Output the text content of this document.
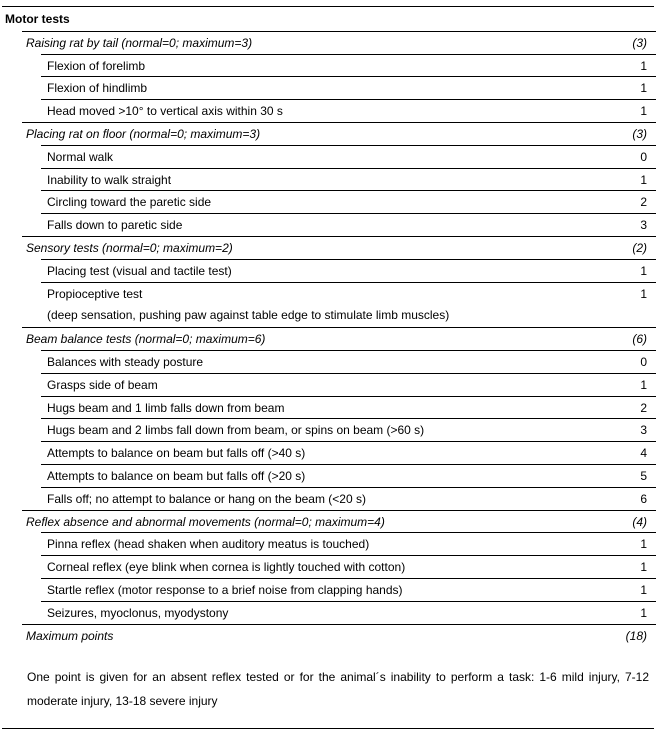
Motor tests
Raising rat by tail (normal=0; maximum=3)	(3)
Flexion of forelimb	1
Flexion of hindlimb	1
Head moved >10° to vertical axis within 30 s	1
Placing rat on floor (normal=0; maximum=3)	(3)
Normal walk	0
Inability to walk straight	1
Circling toward the paretic side	2
Falls down to paretic side	3
Sensory tests (normal=0; maximum=2)	(2)
Placing test (visual and tactile test)	1
Propioceptive test	1
(deep sensation, pushing paw against table edge to stimulate limb muscles)
Beam balance tests (normal=0; maximum=6)	(6)
Balances with steady posture	0
Grasps side of beam	1
Hugs beam and 1 limb falls down from beam	2
Hugs beam and 2 limbs fall down from beam, or spins on beam (>60 s)	3
Attempts to balance on beam but falls off (>40 s)	4
Attempts to balance on beam but falls off (>20 s)	5
Falls off; no attempt to balance or hang on the beam (<20 s)	6
Reflex absence and abnormal movements (normal=0; maximum=4)	(4)
Pinna reflex (head shaken when auditory meatus is touched)	1
Corneal reflex (eye blink when cornea is lightly touched with cotton)	1
Startle reflex (motor response to a brief noise from clapping hands)	1
Seizures, myoclonus, myodystony	1
Maximum points	(18)
One point is given for an absent reflex tested or for the animal´s inability to perform a task: 1-6 mild injury, 7-12 moderate injury, 13-18 severe injury
